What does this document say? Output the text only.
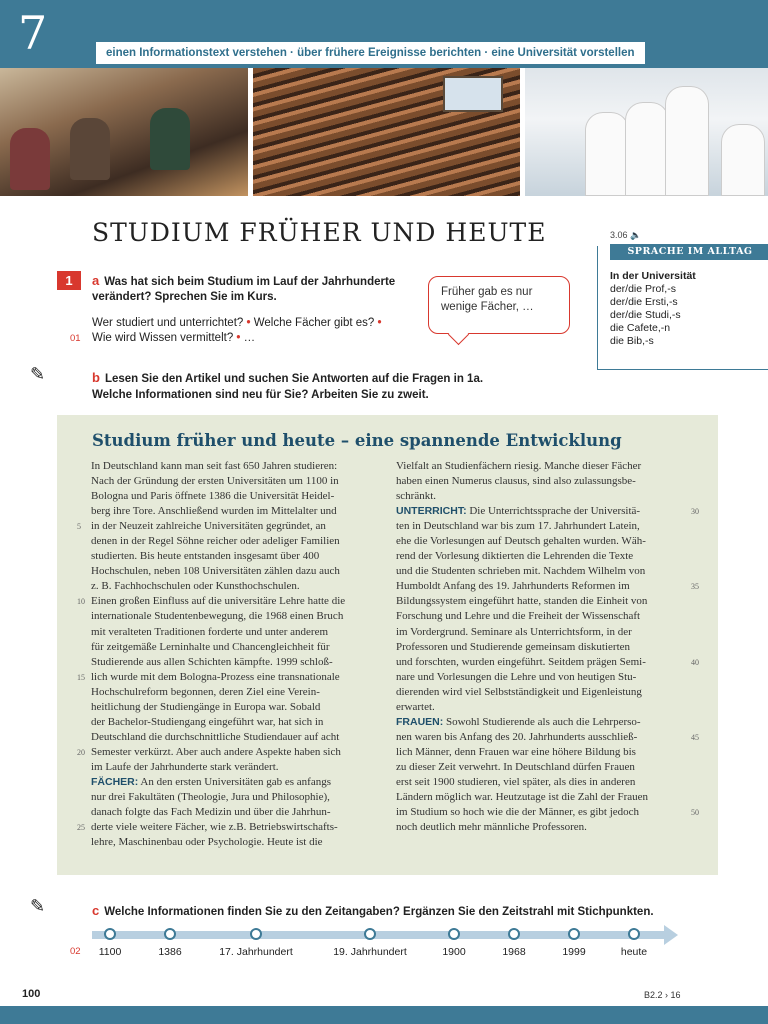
7	einen Informationstext verstehen · über frühere Ereignisse berichten · eine Universität vorstellen
STUDIUM FRÜHER UND HEUTE	3.06 🔈
SPRACHE IM ALLTAG
In der Universität
der/die Prof,-s
der/die Ersti,-s
der/die Studi,-s
die Cafete,-n
die Bib,-s
1	a Was hat sich beim Studium im Lauf der Jahrhunderte verändert? Sprechen Sie im Kurs.
Wer studiert und unterrichtet? • Welche Fächer gibt es? •
Wie wird Wissen vermittelt? • …
01
Früher gab es nur wenige Fächer, …
✎	b Lesen Sie den Artikel und suchen Sie Antworten auf die Fragen in 1a.
Welche Informationen sind neu für Sie? Arbeiten Sie zu zweit.
Studium früher und heute – eine spannende Entwicklung
In Deutschland kann man seit fast 650 Jahren studieren:
Nach der Gründung der ersten Universitäten um 1100 in
Bologna und Paris öffnete 1386 die Universität Heidel-
berg ihre Tore. Anschließend wurden im Mittelalter und
in der Neuzeit zahlreiche Universitäten gegründet, an
denen in der Regel Söhne reicher oder adeliger Familien
studierten. Bis heute entstanden insgesamt über 400
Hochschulen, neben 108 Universitäten zählen dazu auch
z. B. Fachhochschulen oder Kunsthochschulen.
Einen großen Einfluss auf die universitäre Lehre hatte die
internationale Studentenbewegung, die 1968 einen Bruch
mit veralteten Traditionen forderte und unter anderem
für zeitgemäße Lerninhalte und Chancengleichheit für
Studierende aus allen Schichten kämpfte. 1999 schloß-
lich wurde mit dem Bologna-Prozess eine transnationale
Hochschulreform begonnen, deren Ziel eine Verein-
heitlichung der Studiengänge in Europa war. Sobald
der Bachelor-Studiengang eingeführt war, hat sich in
Deutschland die durchschnittliche Studiendauer auf acht
Semester verkürzt. Aber auch andere Aspekte haben sich
im Laufe der Jahrhunderte stark verändert.
FÄCHER: An den ersten Universitäten gab es anfangs
nur drei Fakultäten (Theologie, Jura und Philosophie),
danach folgte das Fach Medizin und über die Jahrhun-
derte viele weitere Fächer, wie z.B. Betriebswirtschafts-
lehre, Maschinenbau oder Psychologie. Heute ist die
Vielfalt an Studienfächern riesig. Manche dieser Fächer
haben einen Numerus clausus, sind also zulassungsbe-
schränkt.
UNTERRICHT: Die Unterrichtssprache der Universitä-
ten in Deutschland war bis zum 17. Jahrhundert Latein,
ehe die Vorlesungen auf Deutsch gehalten wurden. Wäh-
rend der Vorlesung diktierten die Lehrenden die Texte
und die Studenten schrieben mit. Nachdem Wilhelm von
Humboldt Anfang des 19. Jahrhunderts Reformen im
Bildungssystem eingeführt hatte, standen die Einheit von
Forschung und Lehre und die Freiheit der Wissenschaft
im Vordergrund. Seminare als Unterrichtsform, in der
Professoren und Studierende gemeinsam diskutierten
und forschten, wurden eingeführt. Seitdem prägen Semi-
nare und Vorlesungen die Lehre und von heutigen Stu-
dierenden wird viel Selbstständigkeit und Eigenleistung
erwartet.
FRAUEN: Sowohl Studierende als auch die Lehrperso-
nen waren bis Anfang des 20. Jahrhunderts ausschließ-
lich Männer, denn Frauen war eine höhere Bildung bis
zu dieser Zeit verwehrt. In Deutschland dürfen Frauen
erst seit 1900 studieren, viel später, als dies in anderen
Ländern möglich war. Heutzutage ist die Zahl der Frauen
im Studium so hoch wie die der Männer, es gibt jedoch
noch deutlich mehr männliche Professoren.
5
10
15
20
25
30
35
40
45
50
✎	c Welche Informationen finden Sie zu den Zeitangaben? Ergänzen Sie den Zeitstrahl mit Stichpunkten.
02 1100	1386	17. Jahrhundert	19. Jahrhundert	1900	1968	1999	heute
100	B2.2 › 16
